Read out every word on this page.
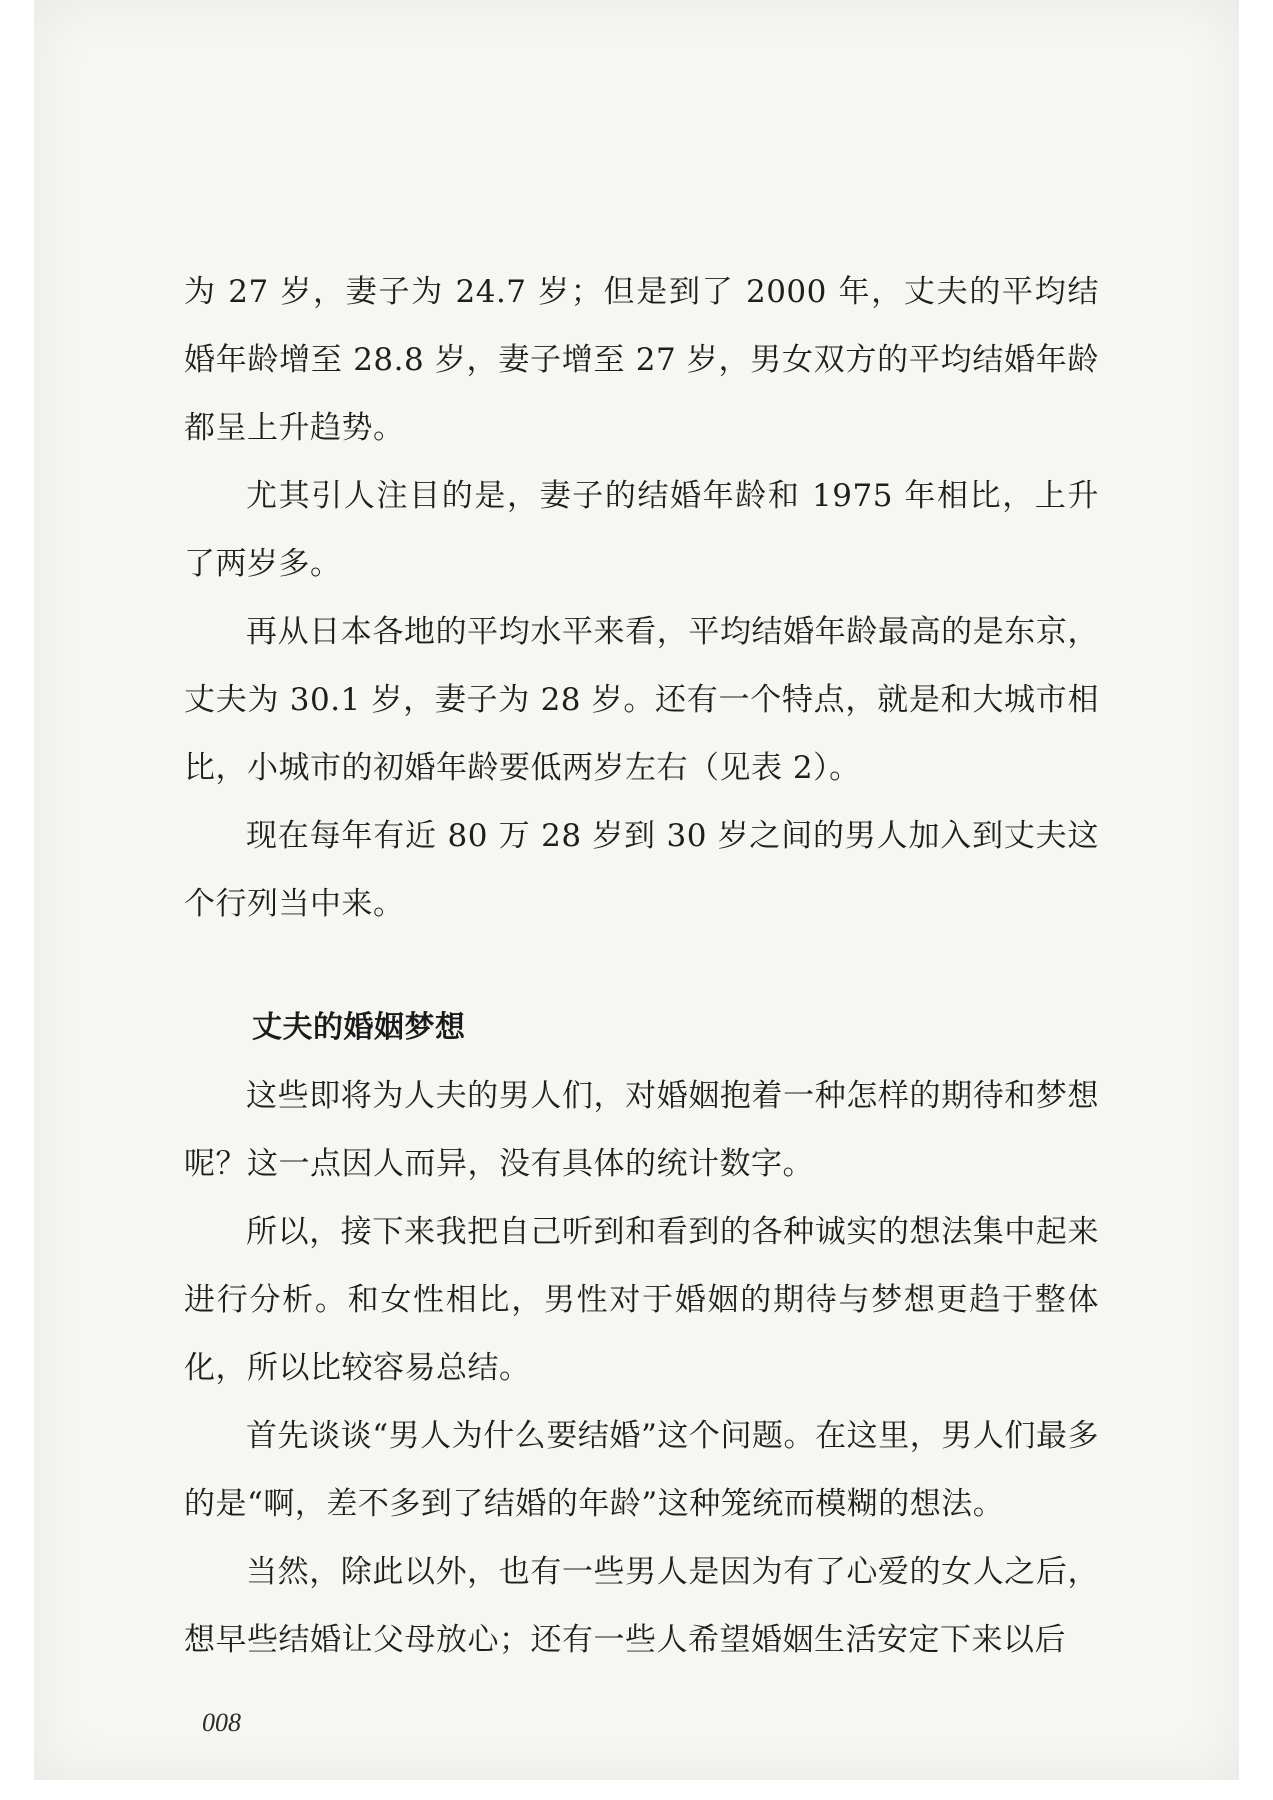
为 27 岁，妻子为 24.7 岁；但是到了 2000 年，丈夫的平均结婚年龄增至 28.8 岁，妻子增至 27 岁，男女双方的平均结婚年龄都呈上升趋势。

尤其引人注目的是，妻子的结婚年龄和 1975 年相比，上升了两岁多。

再从日本各地的平均水平来看，平均结婚年龄最高的是东京，丈夫为 30.1 岁，妻子为 28 岁。还有一个特点，就是和大城市相比，小城市的初婚年龄要低两岁左右（见表 2）。

现在每年有近 80 万 28 岁到 30 岁之间的男人加入到丈夫这个行列当中来。

丈夫的婚姻梦想

这些即将为人夫的男人们，对婚姻抱着一种怎样的期待和梦想呢？这一点因人而异，没有具体的统计数字。

所以，接下来我把自己听到和看到的各种诚实的想法集中起来进行分析。和女性相比，男性对于婚姻的期待与梦想更趋于整体化，所以比较容易总结。

首先谈谈“男人为什么要结婚”这个问题。在这里，男人们最多的是“啊，差不多到了结婚的年龄”这种笼统而模糊的想法。

当然，除此以外，也有一些男人是因为有了心爱的女人之后，想早些结婚让父母放心；还有一些人希望婚姻生活安定下来以后

008
